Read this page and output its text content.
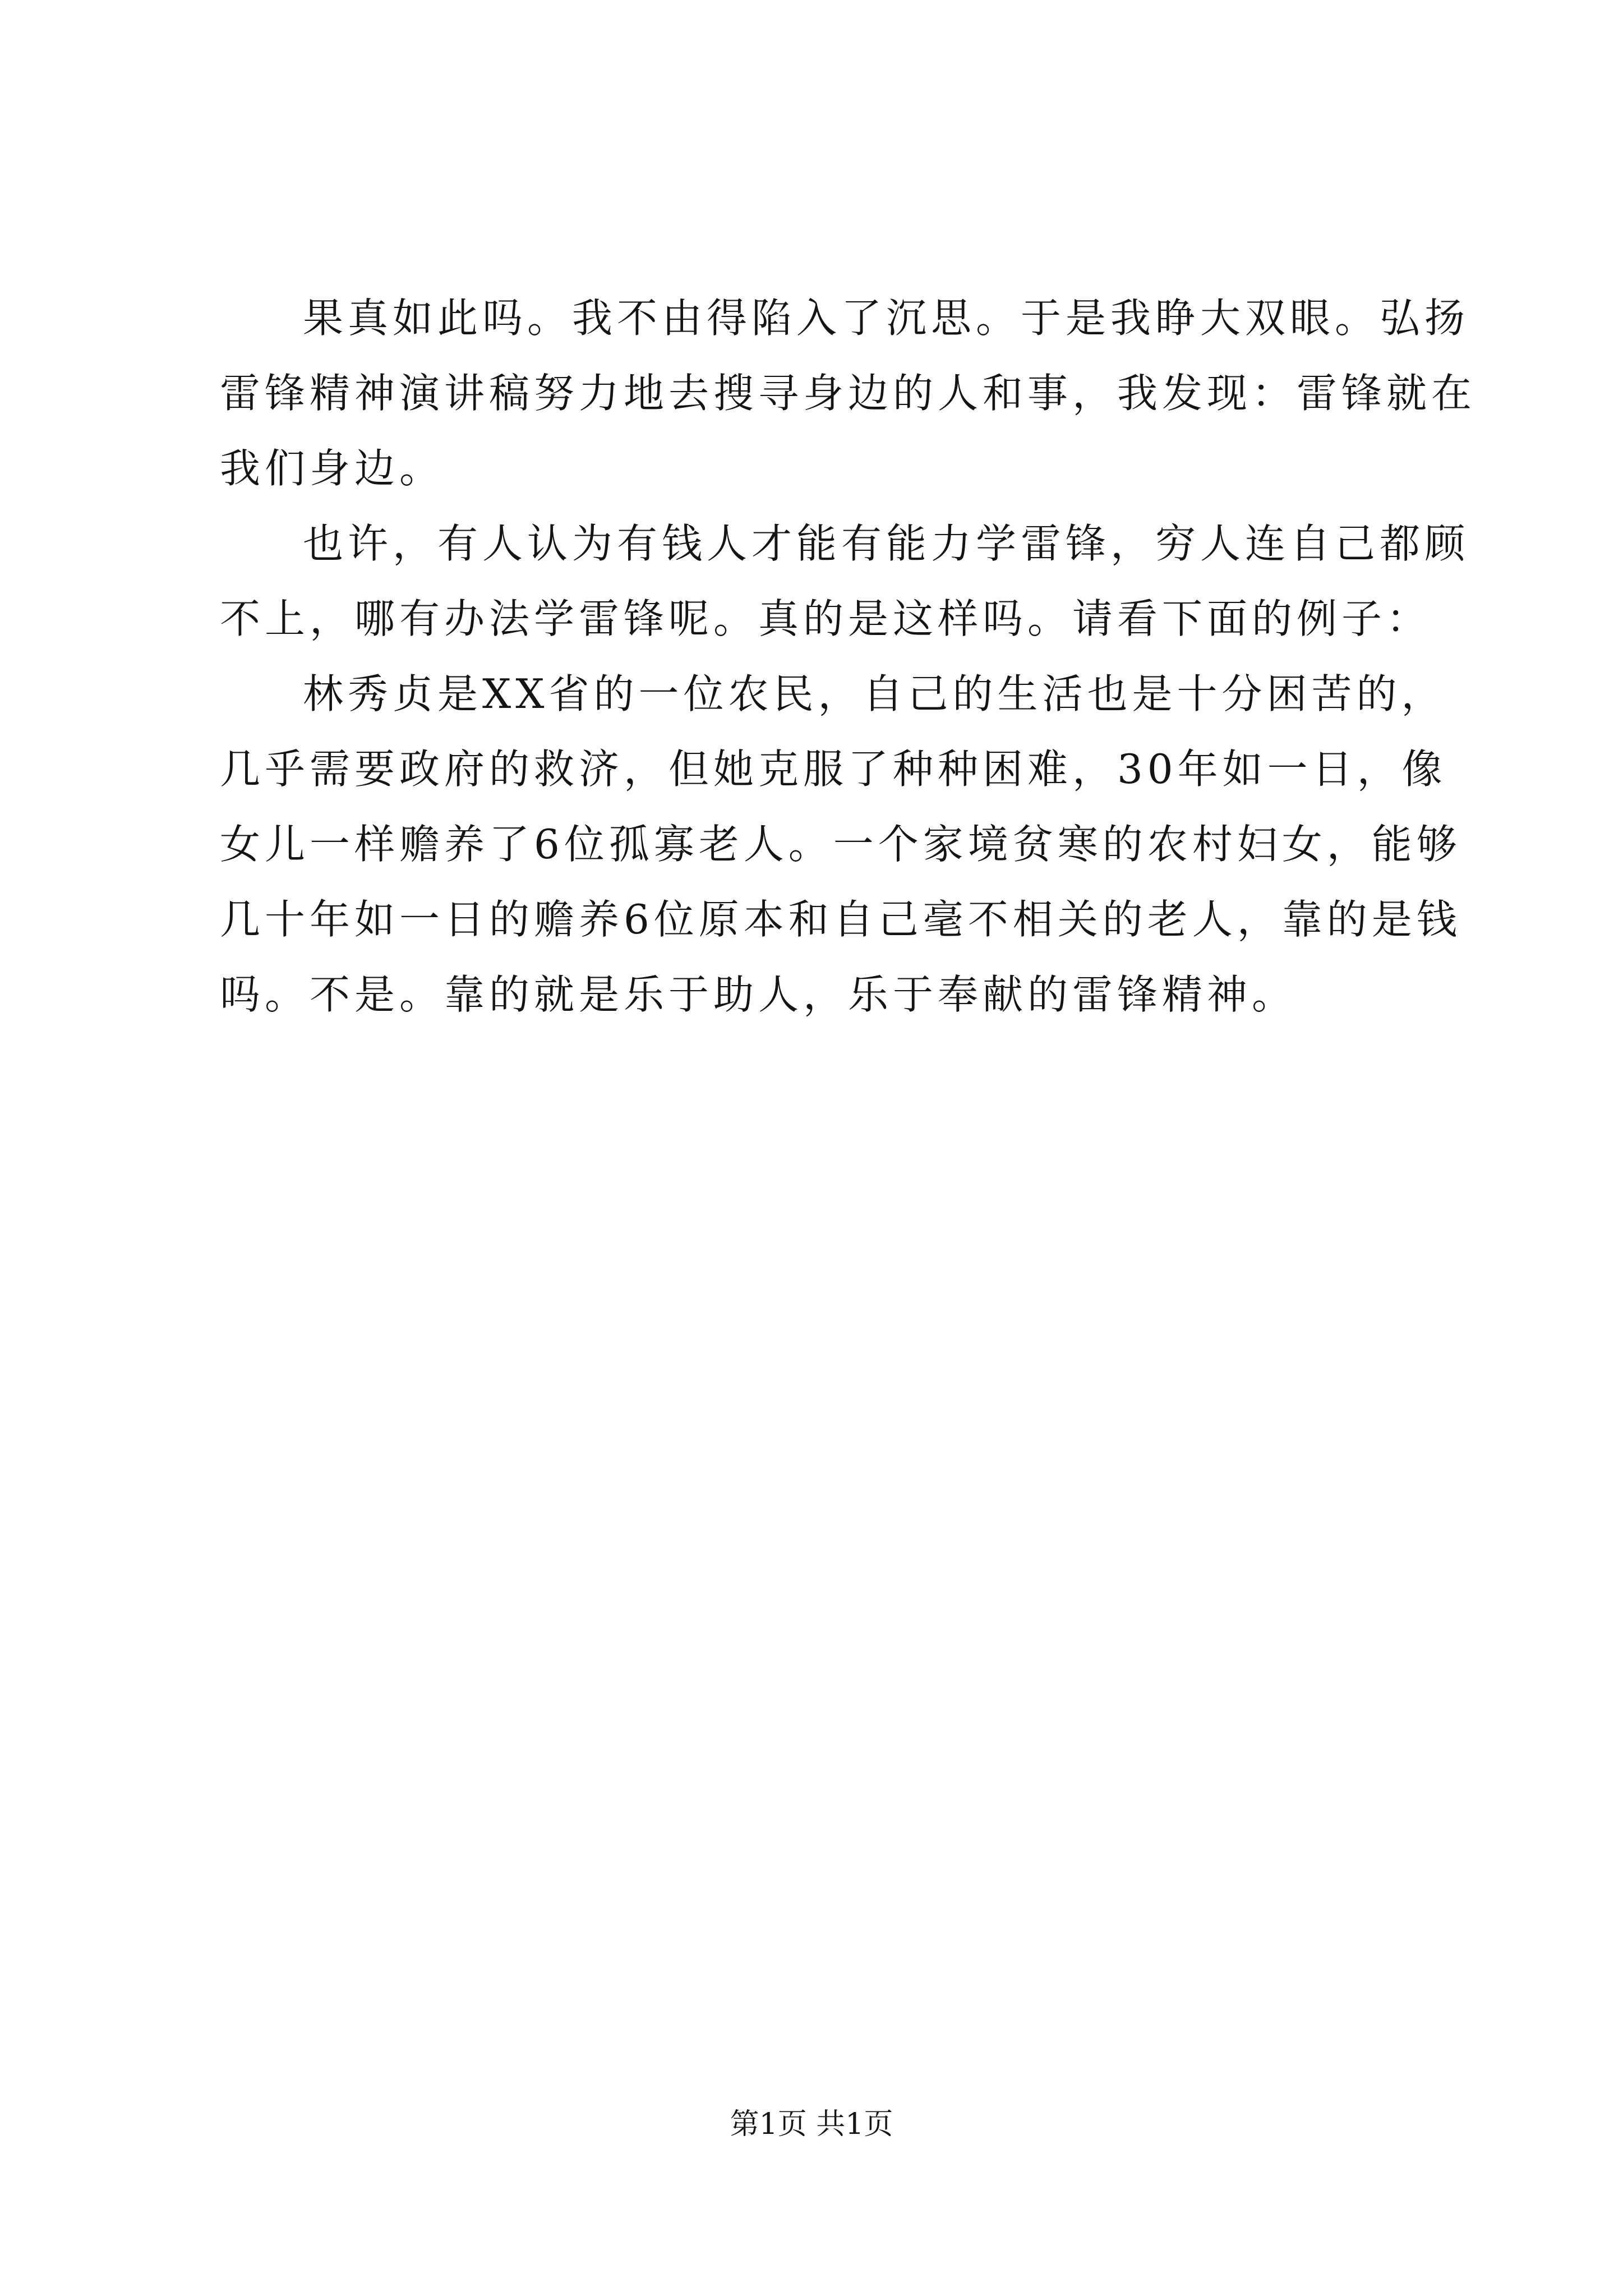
果真如此吗。我不由得陷入了沉思。于是我睁大双眼。弘扬
雷锋精神演讲稿努力地去搜寻身边的人和事，我发现：雷锋就在
我们身边。
也许，有人认为有钱人才能有能力学雷锋，穷人连自己都顾
不上，哪有办法学雷锋呢。真的是这样吗。请看下面的例子：
林秀贞是XX省的一位农民，自己的生活也是十分困苦的，
几乎需要政府的救济，但她克服了种种困难，30年如一日，像
女儿一样赡养了6位孤寡老人。一个家境贫寒的农村妇女，能够
几十年如一日的赡养6位原本和自己毫不相关的老人，靠的是钱
吗。不是。靠的就是乐于助人，乐于奉献的雷锋精神。
第1页 共1页
